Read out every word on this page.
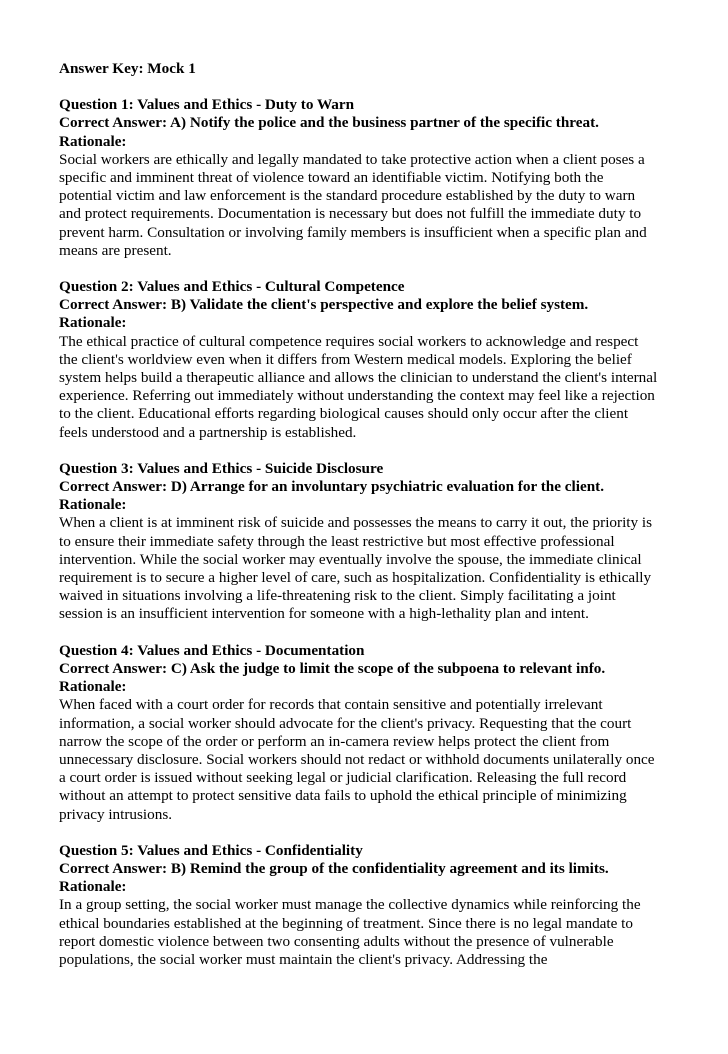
Answer Key: Mock 1
Question 1: Values and Ethics - Duty to Warn
Correct Answer: A) Notify the police and the business partner of the specific threat.
Rationale:
Social workers are ethically and legally mandated to take protective action when a client poses a specific and imminent threat of violence toward an identifiable victim. Notifying both the potential victim and law enforcement is the standard procedure established by the duty to warn and protect requirements. Documentation is necessary but does not fulfill the immediate duty to prevent harm. Consultation or involving family members is insufficient when a specific plan and means are present.
Question 2: Values and Ethics - Cultural Competence
Correct Answer: B) Validate the client's perspective and explore the belief system.
Rationale:
The ethical practice of cultural competence requires social workers to acknowledge and respect the client's worldview even when it differs from Western medical models. Exploring the belief system helps build a therapeutic alliance and allows the clinician to understand the client's internal experience. Referring out immediately without understanding the context may feel like a rejection to the client. Educational efforts regarding biological causes should only occur after the client feels understood and a partnership is established.
Question 3: Values and Ethics - Suicide Disclosure
Correct Answer: D) Arrange for an involuntary psychiatric evaluation for the client.
Rationale:
When a client is at imminent risk of suicide and possesses the means to carry it out, the priority is to ensure their immediate safety through the least restrictive but most effective professional intervention. While the social worker may eventually involve the spouse, the immediate clinical requirement is to secure a higher level of care, such as hospitalization. Confidentiality is ethically waived in situations involving a life-threatening risk to the client. Simply facilitating a joint session is an insufficient intervention for someone with a high-lethality plan and intent.
Question 4: Values and Ethics - Documentation
Correct Answer: C) Ask the judge to limit the scope of the subpoena to relevant info.
Rationale:
When faced with a court order for records that contain sensitive and potentially irrelevant information, a social worker should advocate for the client's privacy. Requesting that the court narrow the scope of the order or perform an in-camera review helps protect the client from unnecessary disclosure. Social workers should not redact or withhold documents unilaterally once a court order is issued without seeking legal or judicial clarification. Releasing the full record without an attempt to protect sensitive data fails to uphold the ethical principle of minimizing privacy intrusions.
Question 5: Values and Ethics - Confidentiality
Correct Answer: B) Remind the group of the confidentiality agreement and its limits.
Rationale:
In a group setting, the social worker must manage the collective dynamics while reinforcing the ethical boundaries established at the beginning of treatment. Since there is no legal mandate to report domestic violence between two consenting adults without the presence of vulnerable populations, the social worker must maintain the client's privacy. Addressing the
